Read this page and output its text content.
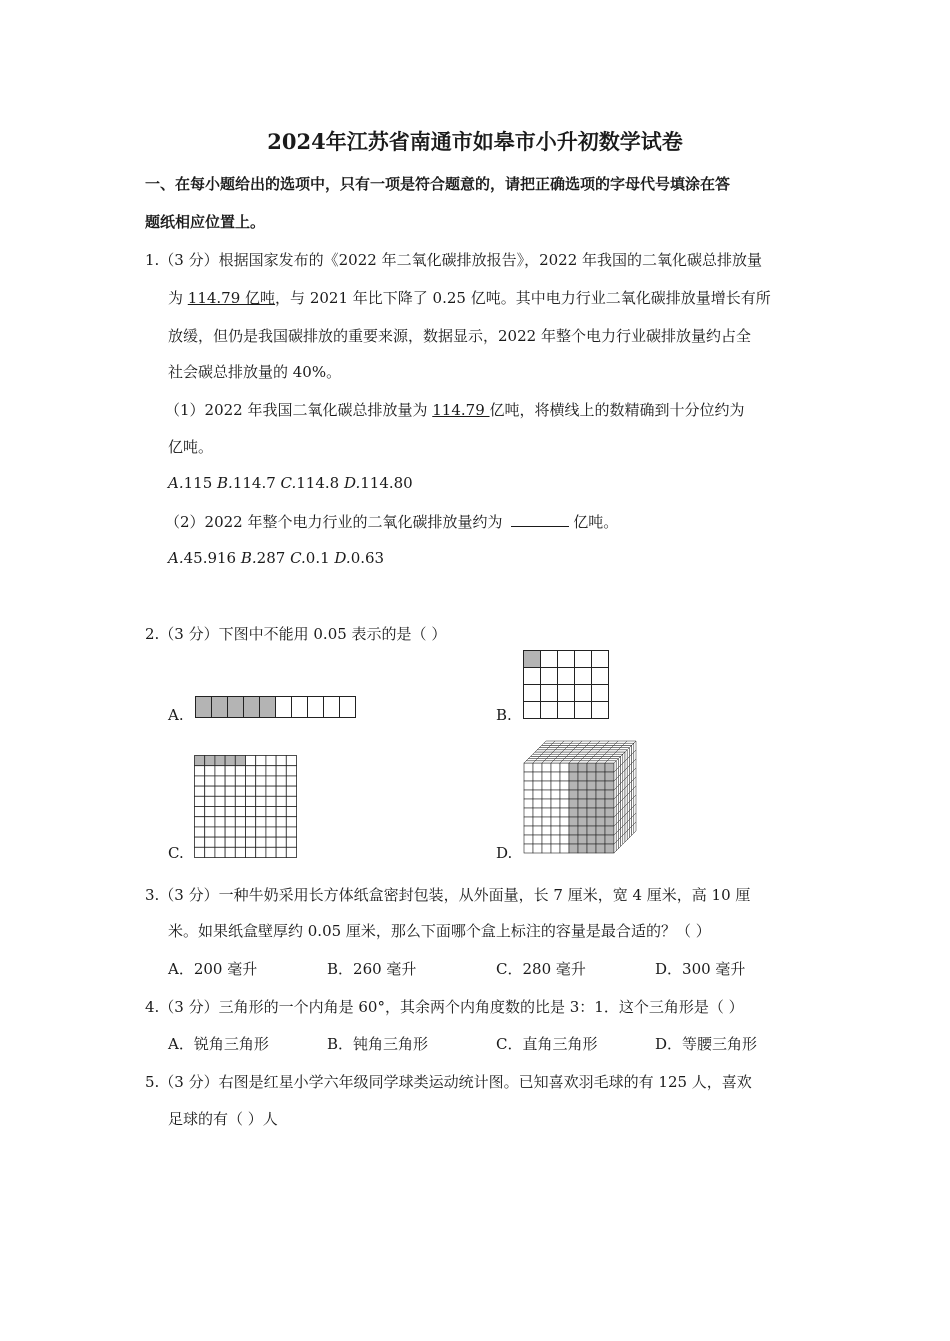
2024年江苏省南通市如皋市小升初数学试卷
一、在每小题给出的选项中，只有一项是符合题意的，请把正确选项的字母代号填涂在答
题纸相应位置上。
1.（3 分）根据国家发布的《2022 年二氧化碳排放报告》，2022 年我国的二氧化碳总排放量
为 114.79 亿吨，与 2021 年比下降了 0.25 亿吨。其中电力行业二氧化碳排放量增长有所
放缓，但仍是我国碳排放的重要来源，数据显示，2022 年整个电力行业碳排放量约占全
社会碳总排放量的 40%。
（1）2022 年我国二氧化碳总排放量为 114.79 亿吨，将横线上的数精确到十分位约为
亿吨。
A.115 B.114.7 C.114.8 D.114.80
（2）2022 年整个电力行业的二氧化碳排放量约为	亿吨。
A.45.916 B.287 C.0.1 D.0.63
2.（3 分）下图中不能用 0.05 表示的是（ ）
A.	B.
C.	D.
3.（3 分）一种牛奶采用长方体纸盒密封包装，从外面量，长 7 厘米，宽 4 厘米，高 10 厘
米。如果纸盒壁厚约 0.05 厘米，那么下面哪个盒上标注的容量是最合适的？（ ）
A．200 毫升	B．260 毫升	C．280 毫升	D．300 毫升
4.（3 分）三角形的一个内角是 60°，其余两个内角度数的比是 3：1．这个三角形是（ ）
A．锐角三角形	B．钝角三角形	C．直角三角形	D．等腰三角形
5.（3 分）右图是红星小学六年级同学球类运动统计图。已知喜欢羽毛球的有 125 人，喜欢
足球的有（ ）人
